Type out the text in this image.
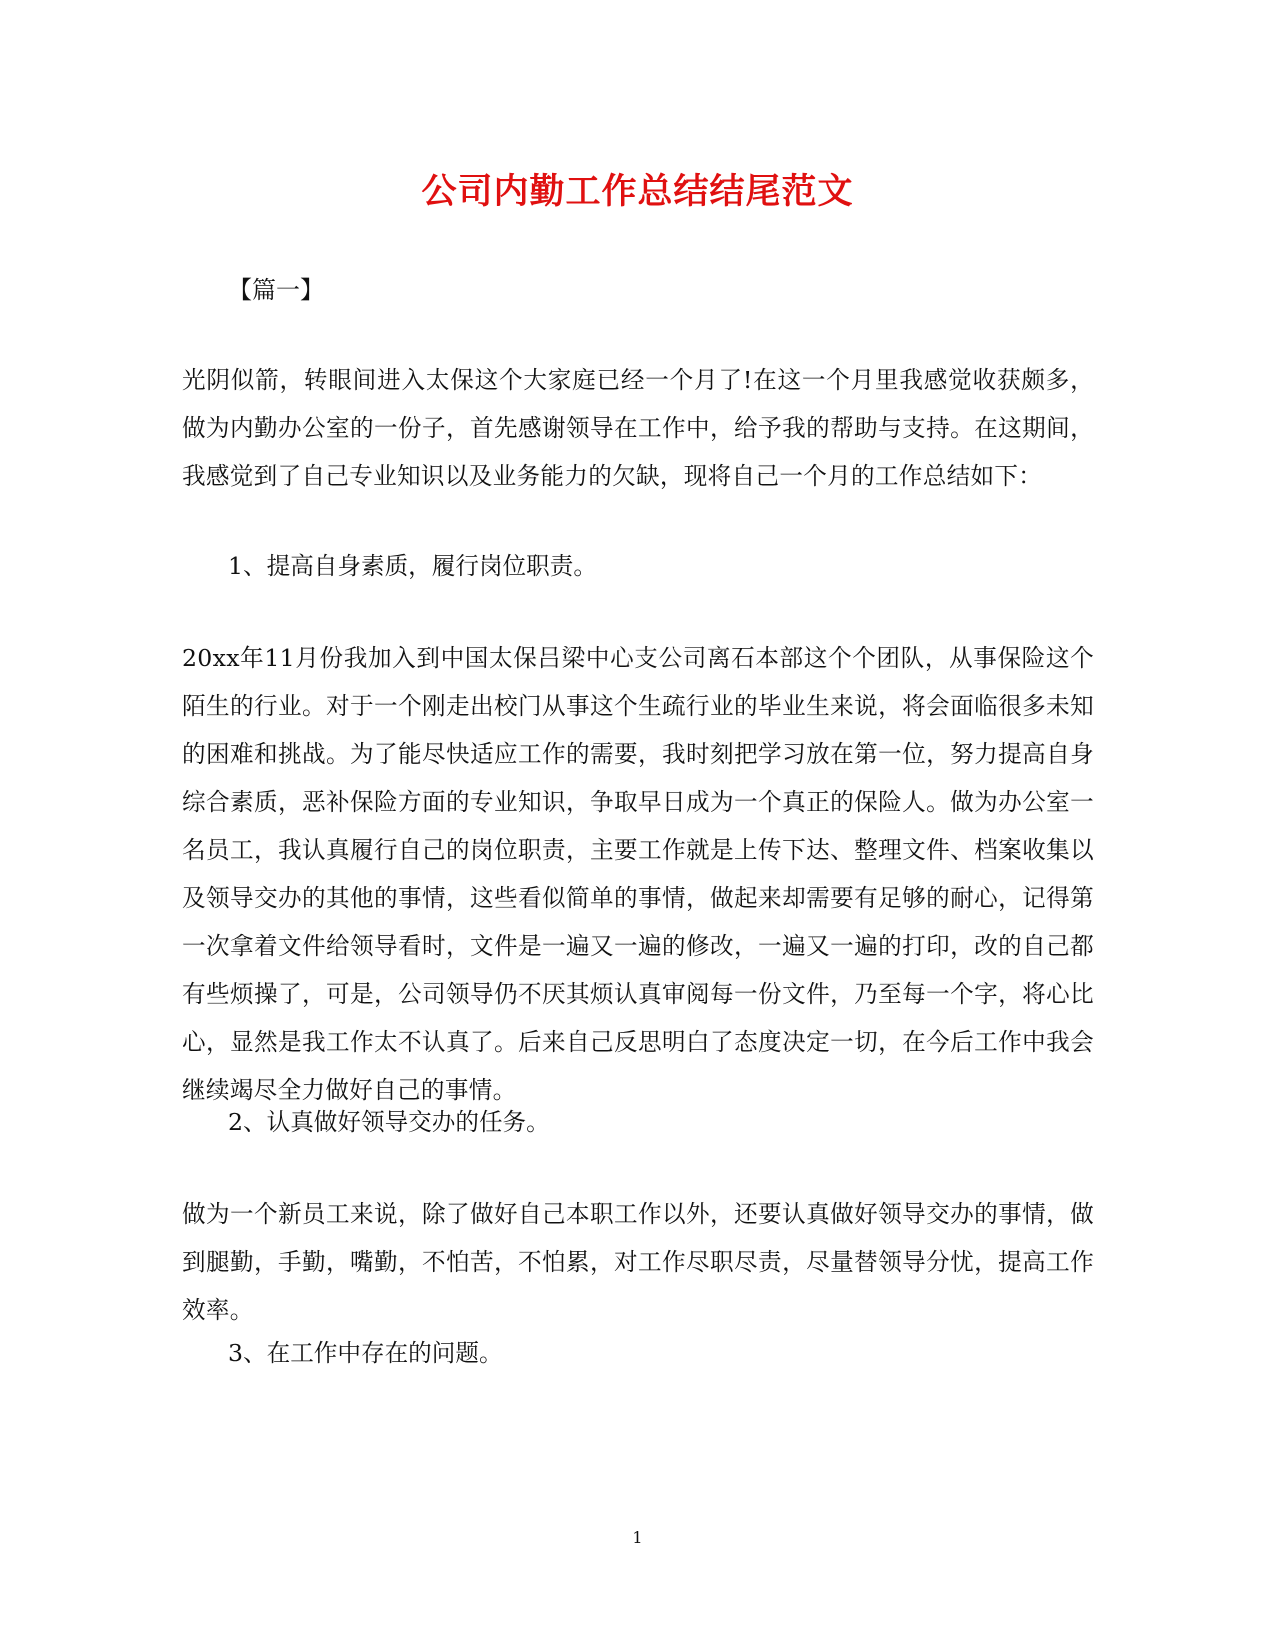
公司内勤工作总结结尾范文
【篇一】
光阴似箭，转眼间进入太保这个大家庭已经一个月了!在这一个月里我感觉收获颇多，做为内勤办公室的一份子，首先感谢领导在工作中，给予我的帮助与支持。在这期间，我感觉到了自己专业知识以及业务能力的欠缺，现将自己一个月的工作总结如下：
1、提高自身素质，履行岗位职责。
20xx年11月份我加入到中国太保吕梁中心支公司离石本部这个个团队，从事保险这个陌生的行业。对于一个刚走出校门从事这个生疏行业的毕业生来说，将会面临很多未知的困难和挑战。为了能尽快适应工作的需要，我时刻把学习放在第一位，努力提高自身综合素质，恶补保险方面的专业知识，争取早日成为一个真正的保险人。做为办公室一名员工，我认真履行自己的岗位职责，主要工作就是上传下达、整理文件、档案收集以及领导交办的其他的事情，这些看似简单的事情，做起来却需要有足够的耐心，记得第一次拿着文件给领导看时，文件是一遍又一遍的修改，一遍又一遍的打印，改的自己都有些烦操了，可是，公司领导仍不厌其烦认真审阅每一份文件，乃至每一个字，将心比心，显然是我工作太不认真了。后来自己反思明白了态度决定一切，在今后工作中我会继续竭尽全力做好自己的事情。
2、认真做好领导交办的任务。
做为一个新员工来说，除了做好自己本职工作以外，还要认真做好领导交办的事情，做到腿勤，手勤，嘴勤，不怕苦，不怕累，对工作尽职尽责，尽量替领导分忧，提高工作效率。
3、在工作中存在的问题。
1
